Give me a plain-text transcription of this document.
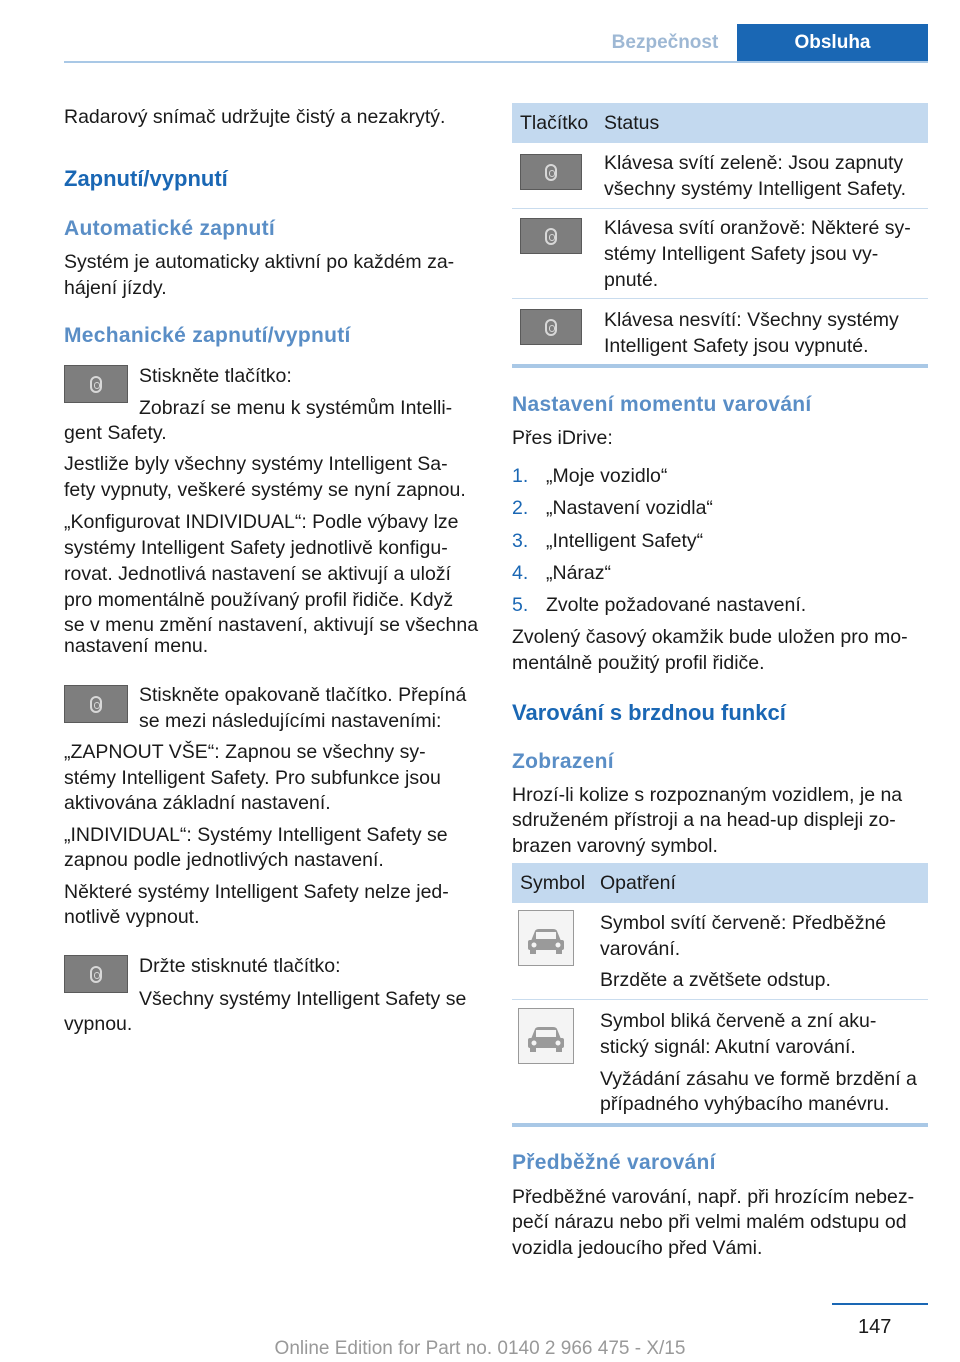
Bezpečnost	Obsluha

Radarový snímač udržujte čistý a nezakrytý.

Zapnutí/vypnutí
Automatické zapnutí

Systém je automaticky aktivní po každém za‐

hájení jízdy.

Mechanické zapnutí/vypnutí

Stiskněte tlačítko:

Zobrazí se menu k systémům Intelli‐

gent Safety.

Jestliže byly všechny systémy Intelligent Sa‐

fety vypnuty, veškeré systémy se nyní zapnou.

„Konfigurovat INDIVIDUAL“: Podle výbavy lze

systémy Intelligent Safety jednotlivě konfigu‐

rovat. Jednotlivá nastavení se aktivují a uloží

pro momentálně používaný profil řidiče. Když

se v menu změní nastavení, aktivují se všechna

nastavení menu.

Stiskněte opakovaně tlačítko. Přepíná

se mezi následujícími nastaveními:

„ZAPNOUT VŠE“: Zapnou se všechny sy‐

stémy Intelligent Safety. Pro subfunkce jsou

aktivována základní nastavení.

„INDIVIDUAL“: Systémy Intelligent Safety se

zapnou podle jednotlivých nastavení.

Některé systémy Intelligent Safety nelze jed‐

notlivě vypnout.

Držte stisknuté tlačítko:

Všechny systémy Intelligent Safety se

vypnou.

Tlačítko Status

Klávesa svítí zeleně: Jsou zapnuty

všechny systémy Intelligent Safety.

Klávesa svítí oranžově: Některé sy‐

stémy Intelligent Safety jsou vy‐

pnuté.

Klávesa nesvítí: Všechny systémy

Intelligent Safety jsou vypnuté.

Nastavení momentu varování

Přes iDrive:

1. „Moje vozidlo“
2. „Nastavení vozidla“
3. „Intelligent Safety“
4. „Náraz“
5. Zvolte požadované nastavení.

Zvolený časový okamžik bude uložen pro mo‐

mentálně použitý profil řidiče.

Varování s brzdnou funkcí
Zobrazení

Hrozí-li kolize s rozpoznaným vozidlem, je na

sdruženém přístroji a na head-up displeji zo‐

brazen varovný symbol.

Symbol Opatření

Symbol svítí červeně: Předběžné

varování.

Brzděte a zvětšete odstup.

Symbol bliká červeně a zní aku‐

stický signál: Akutní varování.

Vyžádání zásahu ve formě brzdění a

případného vyhýbacího manévru.

Předběžné varování

Předběžné varování, např. při hrozícím nebez‐

pečí nárazu nebo při velmi malém odstupu od

vozidla jedoucího před Vámi.

147
Online Edition for Part no. 0140 2 966 475 - X/15
